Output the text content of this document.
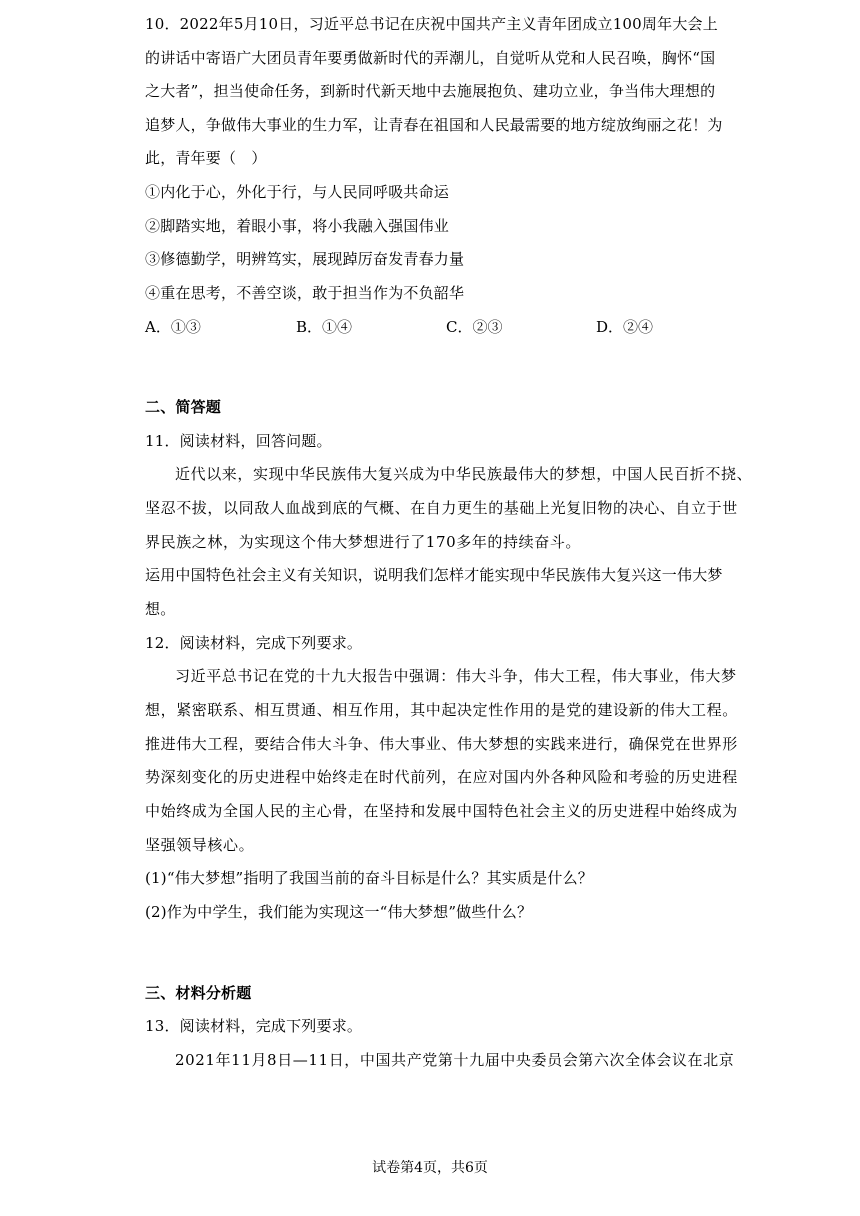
10．2022年5月10日，习近平总书记在庆祝中国共产主义青年团成立100周年大会上
的讲话中寄语广大团员青年要勇做新时代的弄潮儿，自觉听从党和人民召唤，胸怀“国
之大者”，担当使命任务，到新时代新天地中去施展抱负、建功立业，争当伟大理想的
追梦人，争做伟大事业的生力军，让青春在祖国和人民最需要的地方绽放绚丽之花！为
此，青年要（　）
①内化于心，外化于行，与人民同呼吸共命运
②脚踏实地，着眼小事，将小我融入强国伟业
③修德勤学，明辨笃实，展现踔厉奋发青春力量
④重在思考，不善空谈，敢于担当作为不负韶华
A．①③	B．①④	C．②③	D．②④
二、简答题
11．阅读材料，回答问题。
近代以来，实现中华民族伟大复兴成为中华民族最伟大的梦想，中国人民百折不挠、
坚忍不拔，以同敌人血战到底的气概、在自力更生的基础上光复旧物的决心、自立于世
界民族之林，为实现这个伟大梦想进行了170多年的持续奋斗。
运用中国特色社会主义有关知识，说明我们怎样才能实现中华民族伟大复兴这一伟大梦
想。
12．阅读材料，完成下列要求。
习近平总书记在党的十九大报告中强调：伟大斗争，伟大工程，伟大事业，伟大梦
想，紧密联系、相互贯通、相互作用，其中起决定性作用的是党的建设新的伟大工程。
推进伟大工程，要结合伟大斗争、伟大事业、伟大梦想的实践来进行，确保党在世界形
势深刻变化的历史进程中始终走在时代前列，在应对国内外各种风险和考验的历史进程
中始终成为全国人民的主心骨，在坚持和发展中国特色社会主义的历史进程中始终成为
坚强领导核心。
(1)“伟大梦想”指明了我国当前的奋斗目标是什么？其实质是什么？
(2)作为中学生，我们能为实现这一“伟大梦想”做些什么？
三、材料分析题
13．阅读材料，完成下列要求。
2021年11月8日—11日，中国共产党第十九届中央委员会第六次全体会议在北京
试卷第4页，共6页
